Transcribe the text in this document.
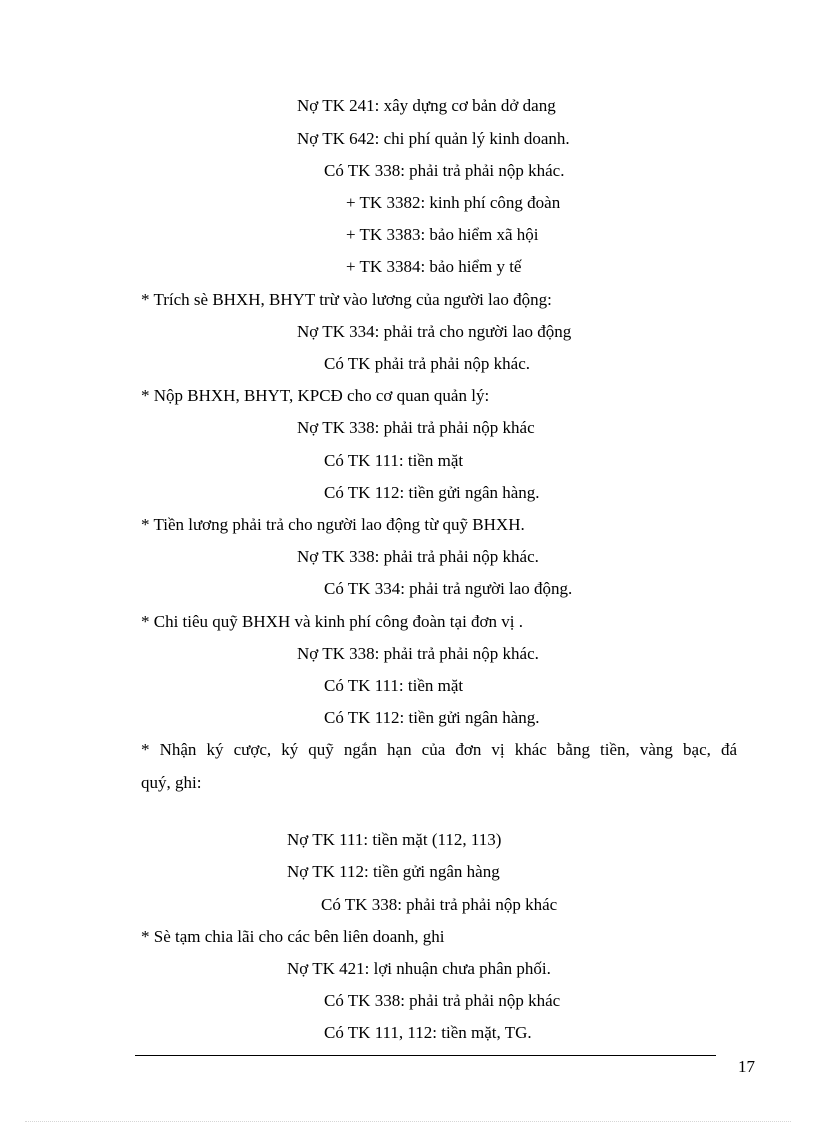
Nợ TK 241: xây dựng cơ bản dở dang
Nợ TK 642: chi phí quản lý kinh doanh.
Có TK 338: phải trả phải nộp khác.
+ TK 3382: kinh phí công đoàn
+ TK 3383: bảo hiểm xã hội
+ TK 3384: bảo hiểm y tế
* Trích sè BHXH, BHYT trừ vào lương của người lao động:
Nợ TK 334: phải trả cho người lao động
Có TK phải trả phải nộp khác.
* Nộp BHXH, BHYT, KPCĐ cho cơ quan quản lý:
Nợ TK 338: phải trả phải nộp khác
Có TK 111: tiền mặt
Có TK 112: tiền gửi ngân hàng.
* Tiền lương phải trả cho người lao động từ quỹ BHXH.
Nợ TK 338: phải trả phải nộp khác.
Có TK 334: phải trả người lao động.
* Chi tiêu quỹ BHXH và kinh phí công đoàn tại đơn vị .
Nợ TK 338: phải trả phải nộp khác.
Có TK 111: tiền mặt
Có TK 112: tiền gửi ngân hàng.
* Nhận ký cược, ký quỹ ngắn hạn của đơn vị khác bằng tiền, vàng bạc, đá
quý, ghi:
Nợ TK 111: tiền mặt (112, 113)
Nợ TK 112: tiền gửi ngân hàng
Có TK 338: phải trả phải nộp khác
* Sè tạm chia lãi cho các bên liên doanh, ghi
Nợ TK 421: lợi nhuận chưa phân phối.
Có TK 338: phải trả phải nộp khác
Có TK 111, 112: tiền mặt, TG.
17
